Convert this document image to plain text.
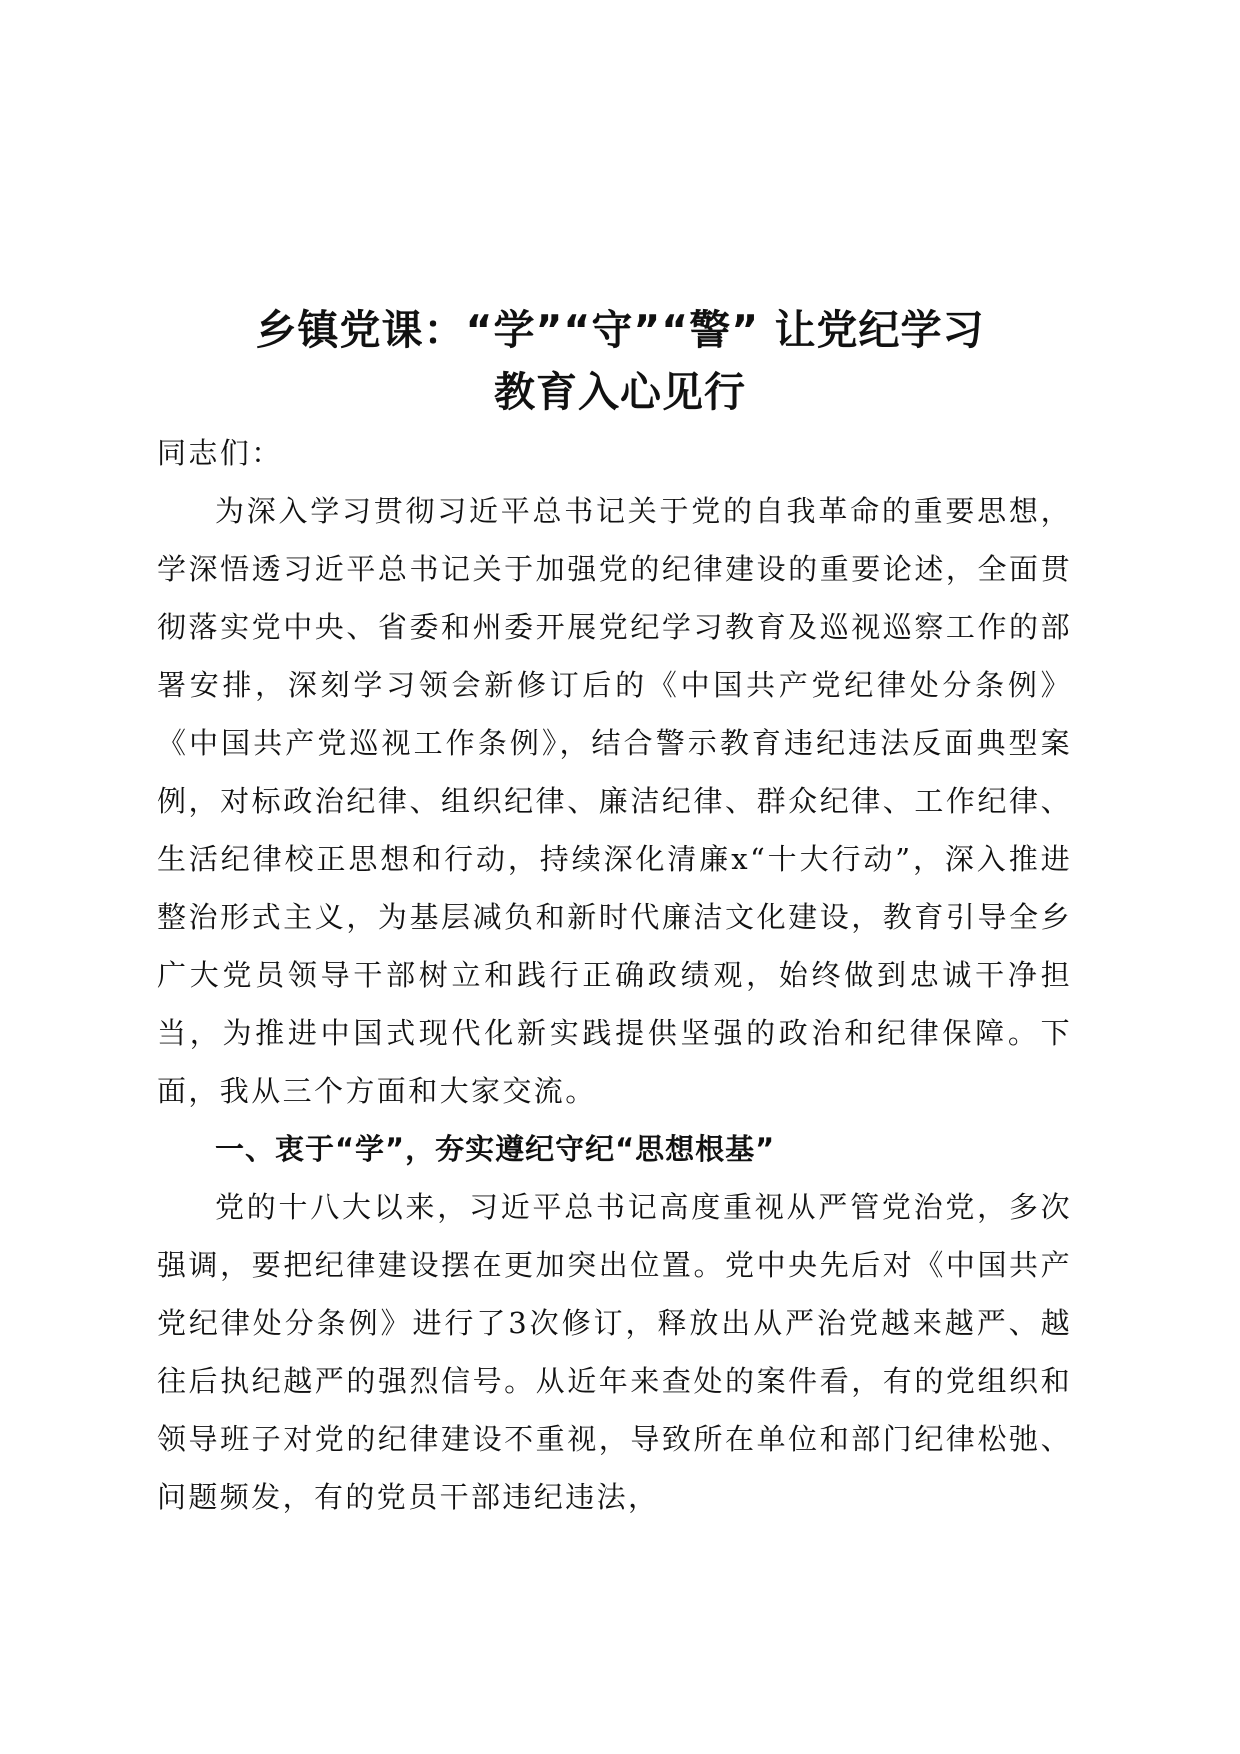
乡镇党课：“学”“守”“警” 让党纪学习
教育入心见行

同志们：

为深入学习贯彻习近平总书记关于党的自我革命的重要思想，学深悟透习近平总书记关于加强党的纪律建设的重要论述，全面贯彻落实党中央、省委和州委开展党纪学习教育及巡视巡察工作的部署安排，深刻学习领会新修订后的《中国共产党纪律处分条例》《中国共产党巡视工作条例》，结合警示教育违纪违法反面典型案例，对标政治纪律、组织纪律、廉洁纪律、群众纪律、工作纪律、生活纪律校正思想和行动，持续深化清廉x“十大行动”，深入推进整治形式主义，为基层减负和新时代廉洁文化建设，教育引导全乡广大党员领导干部树立和践行正确政绩观，始终做到忠诚干净担当，为推进中国式现代化新实践提供坚强的政治和纪律保障。下面，我从三个方面和大家交流。

一、衷于“学”，夯实遵纪守纪“思想根基”

党的十八大以来，习近平总书记高度重视从严管党治党，多次强调，要把纪律建设摆在更加突出位置。党中央先后对《中国共产党纪律处分条例》进行了3次修订，释放出从严治党越来越严、越往后执纪越严的强烈信号。从近年来查处的案件看，有的党组织和领导班子对党的纪律建设不重视，导致所在单位和部门纪律松弛、问题频发，有的党员干部违纪违法，
